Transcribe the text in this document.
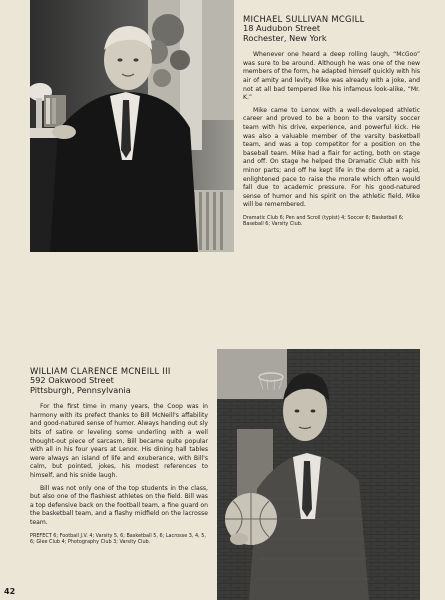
MICHAEL SULLIVAN MCGILL
18 Audubon Street
Rochester, New York

Whenever one heard a deep rolling laugh, “McGoo” was sure to be around. Although he was one of the new members of the form, he adapted himself quickly with his air of amity and levity. Mike was already with a joke, and not at all bad tempered like his infamous look-alike, “Mr. K.”

Mike came to Lenox with a well-developed athletic career and proved to be a boon to the varsity soccer team with his drive, experience, and powerful kick. He was also a valuable member of the varsity basketball team, and was a top competitor for a position on the baseball team. Mike had a flair for acting, both on stage and off. On stage he helped the Dramatic Club with his minor parts; and off he kept life in the dorm at a rapid, enlightened pace to raise the morale which often would fall due to academic pressure. For his good-natured sense of humor and his spirit on the athletic field, Mike will be remembered.

Dramatic Club 6; Pen and Scroll (typist) 4; Soccer 6; Basketball 6; Baseball 6; Varsity Club.
WILLIAM CLARENCE MCNEILL III
592 Oakwood Street
Pittsburgh, Pennsylvania

For the first time in many years, the Coop was in harmony with its prefect thanks to Bill McNeill's affability and good-natured sense of humor. Always handing out sly bits of satire or leveling some underling with a well thought-out piece of sarcasm, Bill became quite popular with all in his four years at Lenox. His dining hall tables were always an island of life and exuberance, with Bill's calm, but pointed, jokes, his modest references to himself, and his snide laugh.

Bill was not only one of the top students in the class, but also one of the flashiest athletes on the field. Bill was a top defensive back on the football team, a fine guard on the basketball team, and a flashy midfield on the lacrosse team.

PREFECT 6; Football J.V. 4; Varsity 5, 6; Basketball 5, 6; Lacrosse 3, 4, 5, 6; Glee Club 4; Photography Club 3; Varsity Club.
42
